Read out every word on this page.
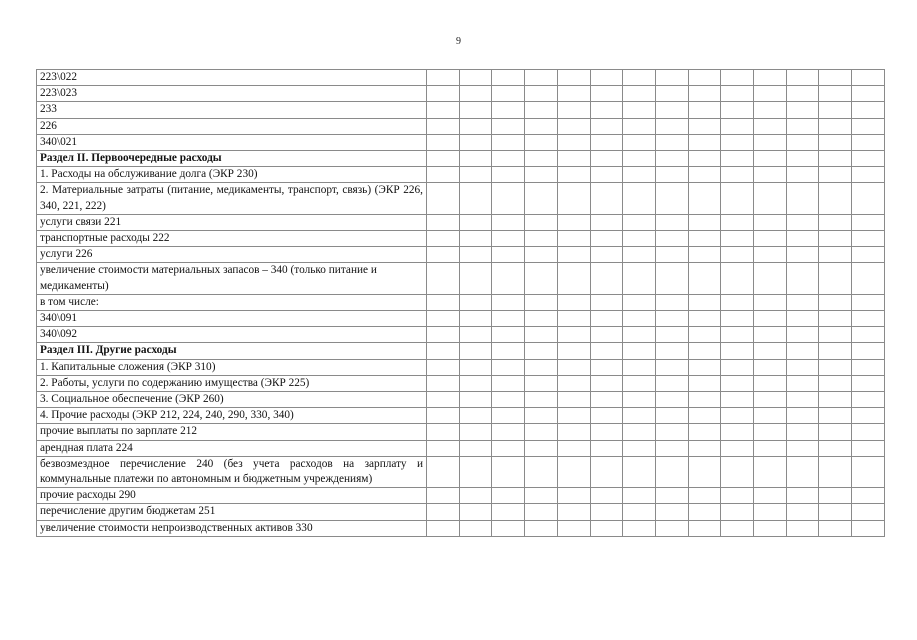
9
223\022														
223\023														
233														
226														
340\021														
Раздел II. Первоочередные расходы														
1. Расходы на обслуживание долга (ЭКР 230)														
2. Материальные затраты (питание, медикаменты, транспорт, связь) (ЭКР 226, 340, 221, 222)														
услуги связи 221														
транспортные расходы 222														
услуги 226														
увеличение стоимости материальных запасов – 340 (только питание и медикаменты)														
в том числе:														
340\091														
340\092														
Раздел III. Другие расходы														
1. Капитальные сложения (ЭКР 310)														
2. Работы, услуги по содержанию имущества (ЭКР 225)														
3. Социальное обеспечение (ЭКР 260)														
4. Прочие расходы (ЭКР 212, 224, 240, 290, 330, 340)														
прочие выплаты по зарплате 212														
арендная плата 224														
безвозмездное перечисление 240 (без учета расходов на зарплату и коммунальные платежи по автономным и бюджетным учреждениям)														
прочие расходы 290														
перечисление другим бюджетам 251														
увеличение стоимости непроизводственных активов 330														
